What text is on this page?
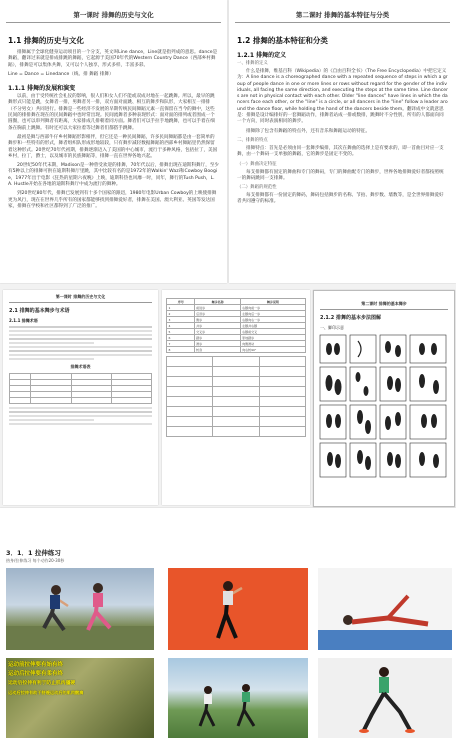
第一课时 排舞的历史与文化
1.1 排舞的历史与文化
排舞属于全球化健身运动项目的一个分支，英文叫Line dance，Line就是指列成的意思。dance是舞蹈，翻译过来就是排成排跳的舞蹈，它起源于美国70年代的Western Country Dance（西部乡村舞蹈），排舞是可以集体共舞，又可以个人独享，形式多样，丰富多彩。
Line = Dance = Linedance（线、排 舞蹈 排舞）
1.1.1 排舞的发展和演变
以前，由于受传统社会礼仪的影响，很人们和女人们不能或双成对地在一起跳舞。所以，最早的跳舞形式只能是跳，女舞者一排，男舞者另一排，双方面对面跳、相互的舞步和队形，大家相互一排排（不分男女）共同进行。排舞是一些经济不发展的早期传统民间舞蹈元素一直保留在当今的舞中，这些民间的排排舞在现在的民间舞蹈中也时常出现。民间流舞者多种表现形式：面对面的排列或者围成一个圆圈，也可以串列舞者有距离，大家排成几排朝着同方面。舞者们可以手拉手地跳舞，也可以手着在细条在胸前上跳舞。有时还可以大家拉着等过舞者们都搭手跳舞。
最初是舞与西部牛仔乡村舞蹈形影相伴，但它还是一种民间舞蹈，许多民间舞蹈都是由一套简单的舞步和一些特有的形式，舞者组织队形成形地较较，只有舞步减轻数据舞蹈的西部乡村舞蹈里仍然保留着这种形式。20世纪70年代初期，排舞逐渐迈入了美国的中心城市，流行于多种风格，包括拉丁，美国乡村，拉丁，爵士，以及城市的民族舞蹈等，排舞一直在世界各地兴起。
20世纪50年代末期，Madison是一种曾受欢迎的排舞，70年代以后，排舞出现在迪斯科舞厅，至少有5种以上的排舞可供在迪斯科舞厅里跳，其中比较有名的是1972年的Walkin' Wazi和Cowboy Boogie，1977年出于电影《狂热的星期六夜晚》上映，迪斯科热也风靡一时，同年，舞行的Tush Push，L.A. Hustle开始在各地的迪斯科舞厅中成为流行的舞种。
到20世纪80年代，排舞已发展到有十多个国家的跟迅，1980年电影Urban Cowboy的上映使排舞更为风行，现在在世界几乎所有的国家都能够找到排舞爱好者，排舞在美国、澳大利亚、英国等发达国家，排舞在学校和社区都得到了广泛的推广。
第二课时 排舞的基本特征与分类
1.2 排舞的基本特征和分类
1.2.1 排舞的定义
一、排舞的定义
什么是排舞，维基百科（Wikipedia）的《自由百科全书》（The Free Encyclopedia）中把它定义为：A line dance is a choreographed dance with a repeated sequence of steps in which a group of people dance in one or more lines or rows without regard for the gender of the individuals, all facing the same direction, and executing the steps at the same time. Line dancers are not in physical contact with each other. Older "line dances" have lines in which the dancers face each other, or the "line" is a circle, or all dancers in the "line" follow a leader around the dance floor, while holding the hand of the dancers beside them。翻译成中文就意思是：排舞是设计编排好的一套舞蹈动作，排舞者站成一排或数排，跳舞时不分性别，所有的人都面向同一个方向，同时表演相同的舞步。
排舞除了包含有舞蹈的特点外，还有音乐和舞蹈运动的特征。
二、排舞的特点
排舞特点：首先是必须由同一套舞步编排，其次在舞曲的选择上是有要求的，即一首曲目对应一支舞，由一个舞码一支单独的舞蹈，它的舞步是固定不变的。
（一）舞曲决定特征
每支排舞都有固定的舞曲和专门的舞码，专门的舞曲配专门的舞步，世界各地排舞爱好者都按照统一的舞码跳同一支排舞。
（二）舞蹈的规范性
每支排舞都有一份固定的舞码，舞码包括舞步的名称、节拍、舞步数、墙数等，是全世界排舞爱好者共同遵守的标准。
第一课时 排舞的历史与文化
2.1 排舞的基本舞步与术语
2.1.1 排舞术语
排舞术语表

序号	舞步名称	舞步说明
1	前进步	右脚向前一步
2	后退步	左脚向后一步
3	侧步	右脚向右一步
4	并步	左脚并右脚
5	交叉步	右脚前交叉
6	踏步	原地踏步
7	滑步	向侧滑动
8	转身	向右转90°

第二课时 排舞的基本舞步
2.1.2 排舞的基本步法图解
一、脚印示意
3．1．1 拉伸练习
热身/拉伸练习 每个动作20-30秒
运动前拉伸要有始有终
运动后拉伸要有柔有终
运动后拉伸有利于防止肌肉僵硬
运动后拉伸有助于舒缓运动后的肌肉酸痛
